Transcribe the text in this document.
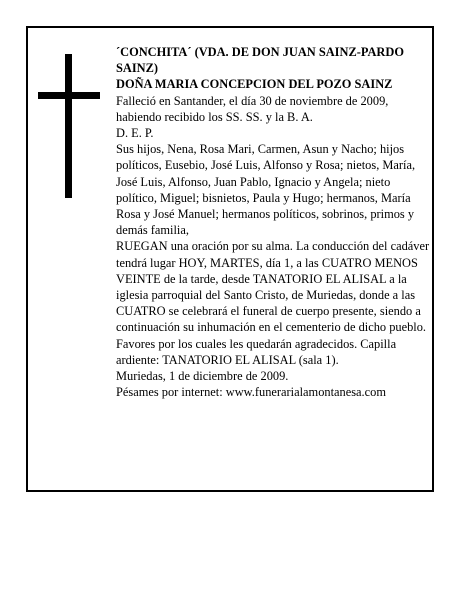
´CONCHITA´ (VDA. DE DON JUAN SAINZ-PARDO SAINZ)
DOÑA MARIA CONCEPCION DEL POZO SAINZ
Falleció en Santander, el día 30 de noviembre de 2009, habiendo recibido los SS. SS. y la B. A.
D. E. P.
Sus hijos, Nena, Rosa Mari, Carmen, Asun y Nacho; hijos políticos, Eusebio, José Luis, Alfonso y Rosa; nietos, María, José Luis, Alfonso, Juan Pablo, Ignacio y Angela; nieto político, Miguel; bisnietos, Paula y Hugo; hermanos, María Rosa y José Manuel; hermanos políticos, sobrinos, primos y demás familia,
RUEGAN una oración por su alma. La conducción del cadáver tendrá lugar HOY, MARTES, día 1, a las CUATRO MENOS VEINTE de la tarde, desde TANATORIO EL ALISAL a la iglesia parroquial del Santo Cristo, de Muriedas, donde a las CUATRO se celebrará el funeral de cuerpo presente, siendo a continuación su inhumación en el cementerio de dicho pueblo. Favores por los cuales les quedarán agradecidos. Capilla ardiente: TANATORIO EL ALISAL (sala 1).
Muriedas, 1 de diciembre de 2009.
Pésames por internet: www.funerarialamontanesa.com
